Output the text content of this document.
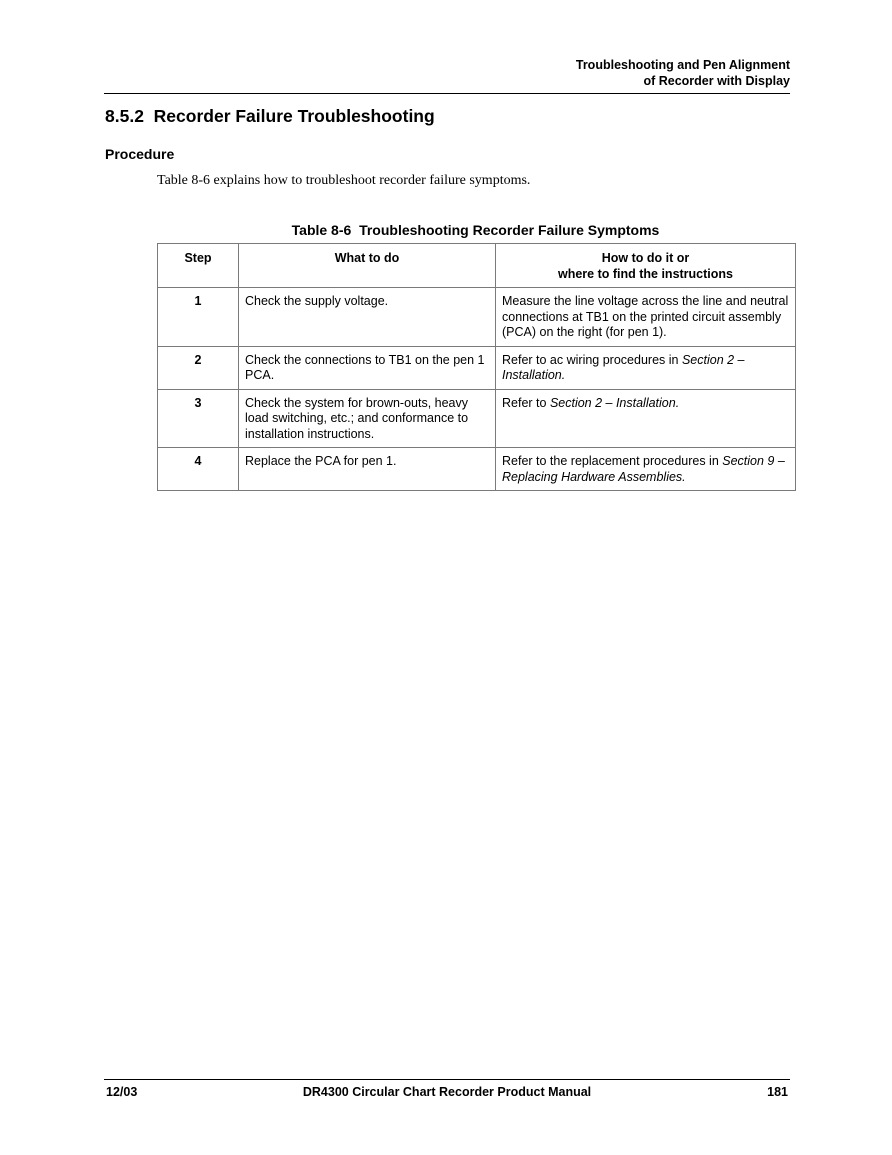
Troubleshooting and Pen Alignment
of Recorder with Display
8.5.2 Recorder Failure Troubleshooting
Procedure
Table 8-6 explains how to troubleshoot recorder failure symptoms.
Table 8-6 Troubleshooting Recorder Failure Symptoms
Step	What to do	How to do it or
where to find the instructions

1	Check the supply voltage.	Measure the line voltage across the line and neutral connections at TB1 on the printed circuit assembly (PCA) on the right (for pen 1).
2	Check the connections to TB1 on the pen 1 PCA.	Refer to ac wiring procedures in Section 2 – Installation.
3	Check the system for brown-outs, heavy load switching, etc.; and conformance to installation instructions.	Refer to Section 2 – Installation.
4	Replace the PCA for pen 1.	Refer to the replacement procedures in Section 9 – Replacing Hardware Assemblies.
12/03	DR4300 Circular Chart Recorder Product Manual	181
